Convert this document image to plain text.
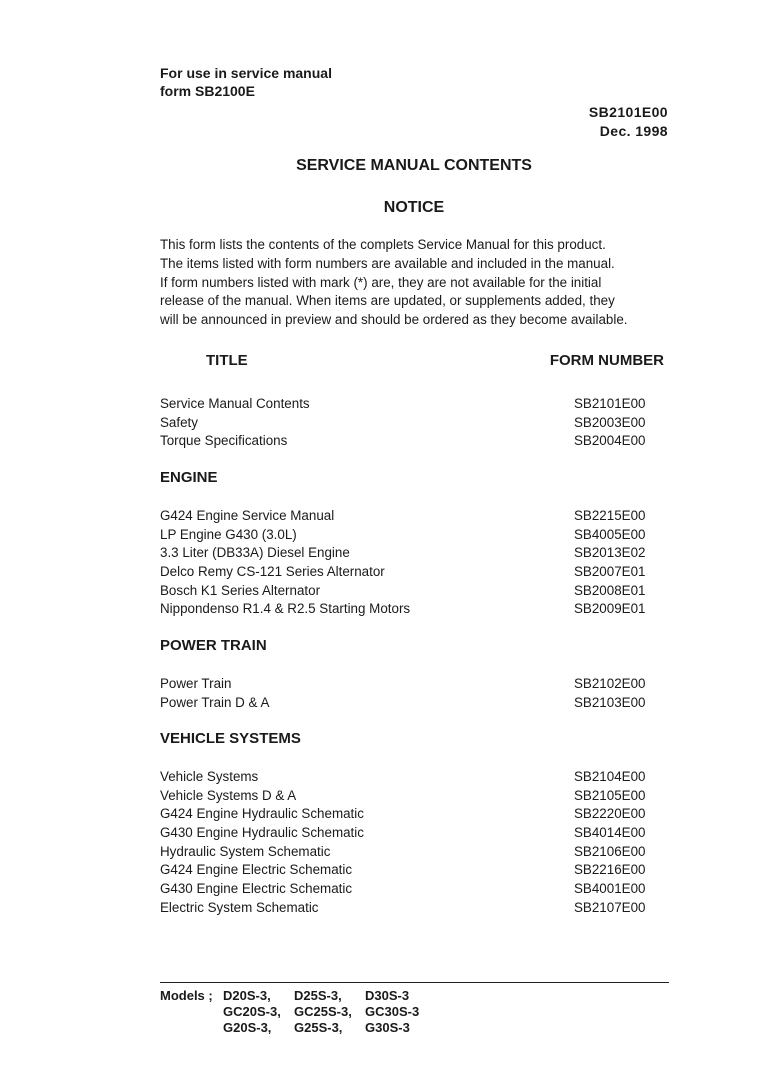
For use in service manual
form SB2100E
SB2101E00
Dec. 1998
SERVICE MANUAL CONTENTS
NOTICE
This form lists the contents of the complets Service Manual for this product.
The items listed with form numbers are available and included in the manual.
If form numbers listed with mark (*) are, they are not available for the initial
release of the manual. When items are updated, or supplements added, they
will be announced in preview and should be ordered as they become available.
TITLE	FORM NUMBER
Service Manual Contents	SB2101E00
Safety	SB2003E00
Torque Specifications	SB2004E00
ENGINE
G424 Engine Service Manual	SB2215E00
LP Engine G430 (3.0L)	SB4005E00
3.3 Liter (DB33A) Diesel Engine	SB2013E02
Delco Remy CS-121 Series Alternator	SB2007E01
Bosch K1 Series Alternator	SB2008E01
Nippondenso R1.4 & R2.5 Starting Motors	SB2009E01
POWER TRAIN
Power Train	SB2102E00
Power Train D & A	SB2103E00
VEHICLE SYSTEMS
Vehicle Systems	SB2104E00
Vehicle Systems D & A	SB2105E00
G424 Engine Hydraulic Schematic	SB2220E00
G430 Engine Hydraulic Schematic	SB4014E00
Hydraulic System Schematic	SB2106E00
G424 Engine Electric Schematic	SB2216E00
G430 Engine Electric Schematic	SB4001E00
Electric System Schematic	SB2107E00
Models ;	D20S-3,	D25S-3,	D30S-3
	GC20S-3,	GC25S-3,	GC30S-3
	G20S-3,	G25S-3,	G30S-3
